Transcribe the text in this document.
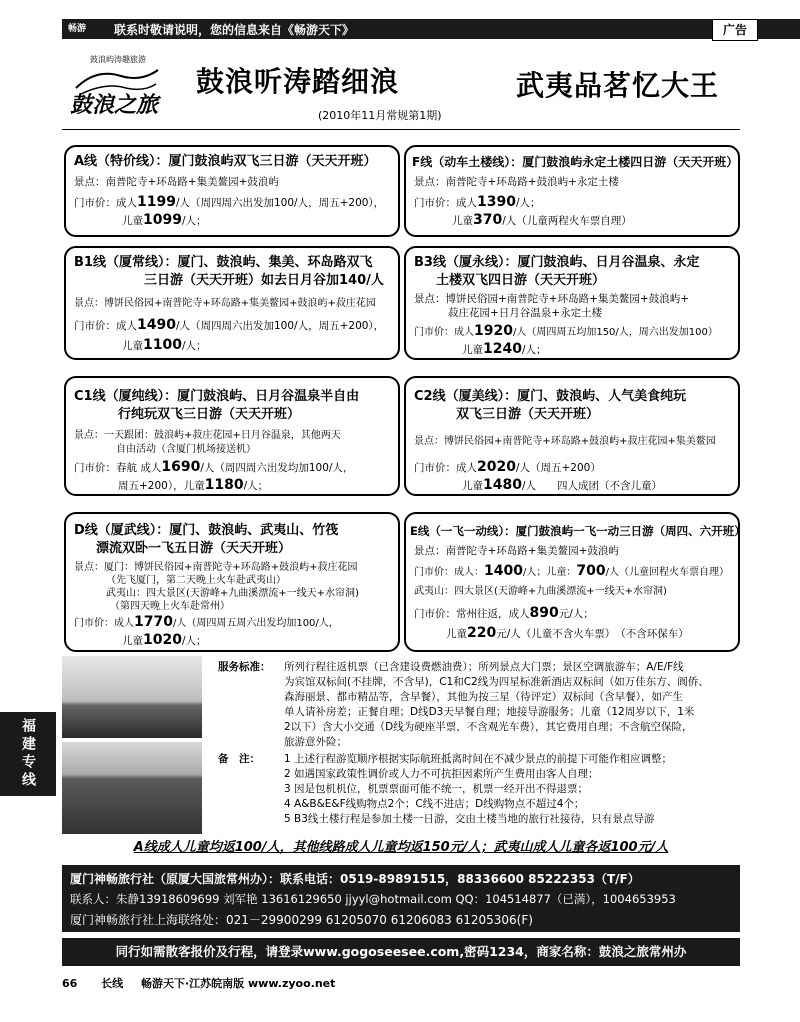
联系时敬请说明，您的信息来自《畅游天下》
畅游	广告
鼓浪屿涛趣旅游
鼓浪之旅
鼓浪听涛踏细浪	武夷品茗忆大王
(2010年11月常规第1期)
A线（特价线）：厦门鼓浪屿双飞三日游（天天开班）
景点：南普陀寺+环岛路+集美鳌园+鼓浪屿
门市价：成人1199/人（周四周六出发加100/人，周五+200），
儿童1099/人；
F线（动车土楼线）：厦门鼓浪屿永定土楼四日游（天天开班）
景点：南普陀寺+环岛路+鼓浪屿+永定土楼
门市价：成人1390/人；
儿童370/人（儿童两程火车票自理）
B1线（厦常线）：厦门、鼓浪屿、集美、环岛路双飞
三日游（天天开班）如去日月谷加140/人
景点：博饼民俗园+南普陀寺+环岛路+集美鳌园+鼓浪屿+菽庄花园
门市价：成人1490/人（周四周六出发加100/人，周五+200），
儿童1100/人；
B3线（厦永线）：厦门鼓浪屿、日月谷温泉、永定
土楼双飞四日游（天天开班）
景点：博饼民俗园+南普陀寺+环岛路+集美鳌园+鼓浪屿+
菽庄花园+日月谷温泉+永定土楼
门市价：成人1920/人（周四周五均加150/人，周六出发加100）
儿童1240/人；
C1线（厦纯线）：厦门鼓浪屿、日月谷温泉半自由
行纯玩双飞三日游（天天开班）
景点：一天跟团：鼓浪屿+菽庄花园+日月谷温泉，其他两天
自由活动（含厦门机场接送机）
门市价：春航 成人1690/人（周四周六出发均加100/人，
周五+200），儿童1180/人；
C2线（厦美线）：厦门、鼓浪屿、人气美食纯玩
双飞三日游（天天开班）
景点：博饼民俗园+南普陀寺+环岛路+鼓浪屿+菽庄花园+集美鳌园
门市价：成人2020/人（周五+200）
儿童1480/人　　四人成团（不含儿童）
D线（厦武线）：厦门、鼓浪屿、武夷山、竹筏
漂流双卧一飞五日游（天天开班）
景点：厦门：博饼民俗园+南普陀寺+环岛路+鼓浪屿+菽庄花园
（先飞厦门，第二天晚上火车赴武夷山）
武夷山：四大景区(天游峰+九曲溪漂流+一线天+水帘洞)
（第四天晚上火车赴常州）
门市价：成人1770/人（周四周五周六出发均加100/人，
儿童1020/人；
E线（一飞一动线）：厦门鼓浪屿一飞一动三日游（周四、六开班）
景点：南普陀寺+环岛路+集美鳌园+鼓浪屿
门市价：成人：1400/人；儿童：700/人（儿童回程火车票自理）
武夷山：四大景区(天游峰+九曲溪漂流+一线天+水帘洞)
门市价：常州往返，成人890元/人；
儿童220元/人（儿童不含火车票）　（不含环保车）
服务标准：	所列行程往返机票（已含建设费燃油费）；所列景点大门票；景区空调旅游车；A/E/F线
为宾馆双标间(不挂牌，不含早)，C1和C2线为四星标准新酒店双标间（如万佳东方、阆侨、
森海丽景、都市精品等，含早餐），其他为按三星（待评定）双标间（含早餐），如产生
单人请补房差；正餐自理；D线D3天早餐自理；地接导游服务；儿童（12周岁以下，1米
2以下）含大小交通（D线为硬座半票，不含观光车费），其它费用自理；不含航空保险，
旅游意外险；
备　注：	1 上述行程游览顺序根据实际航班抵离时间在不减少景点的前提下可能作相应调整；
2 如遇国家政策性调价或人力不可抗拒因素所产生费用由客人自理；
3 因是包机机位，机票票面可能不统一，机票一经开出不得退票；
4 A&B&E&F线购物点2个；C线不进店；D线购物点不超过4个；
5 B3线土楼行程是参加土楼一日游，交由土楼当地的旅行社接待，只有景点导游
A线成人儿童均返100/人，其他线路成人儿童均返150元/人；武夷山成人儿童各返100元/人
厦门神畅旅行社（原厦大国旅常州办）：联系电话：0519-89891515，88336600 85222353（T/F）
联系人：朱静13918609699 刘军艳 13616129650 jjyyl@hotmail.com QQ：104514877（已满），1004653953
厦门神畅旅行社上海联络处：021－29900299 61205070 61206083 61205306(F)
同行如需散客报价及行程，请登录www.gogoseesee.com,密码1234，商家名称：鼓浪之旅常州办
66 长线 畅游天下·江苏皖南版 www.zyoo.net
福建专线
